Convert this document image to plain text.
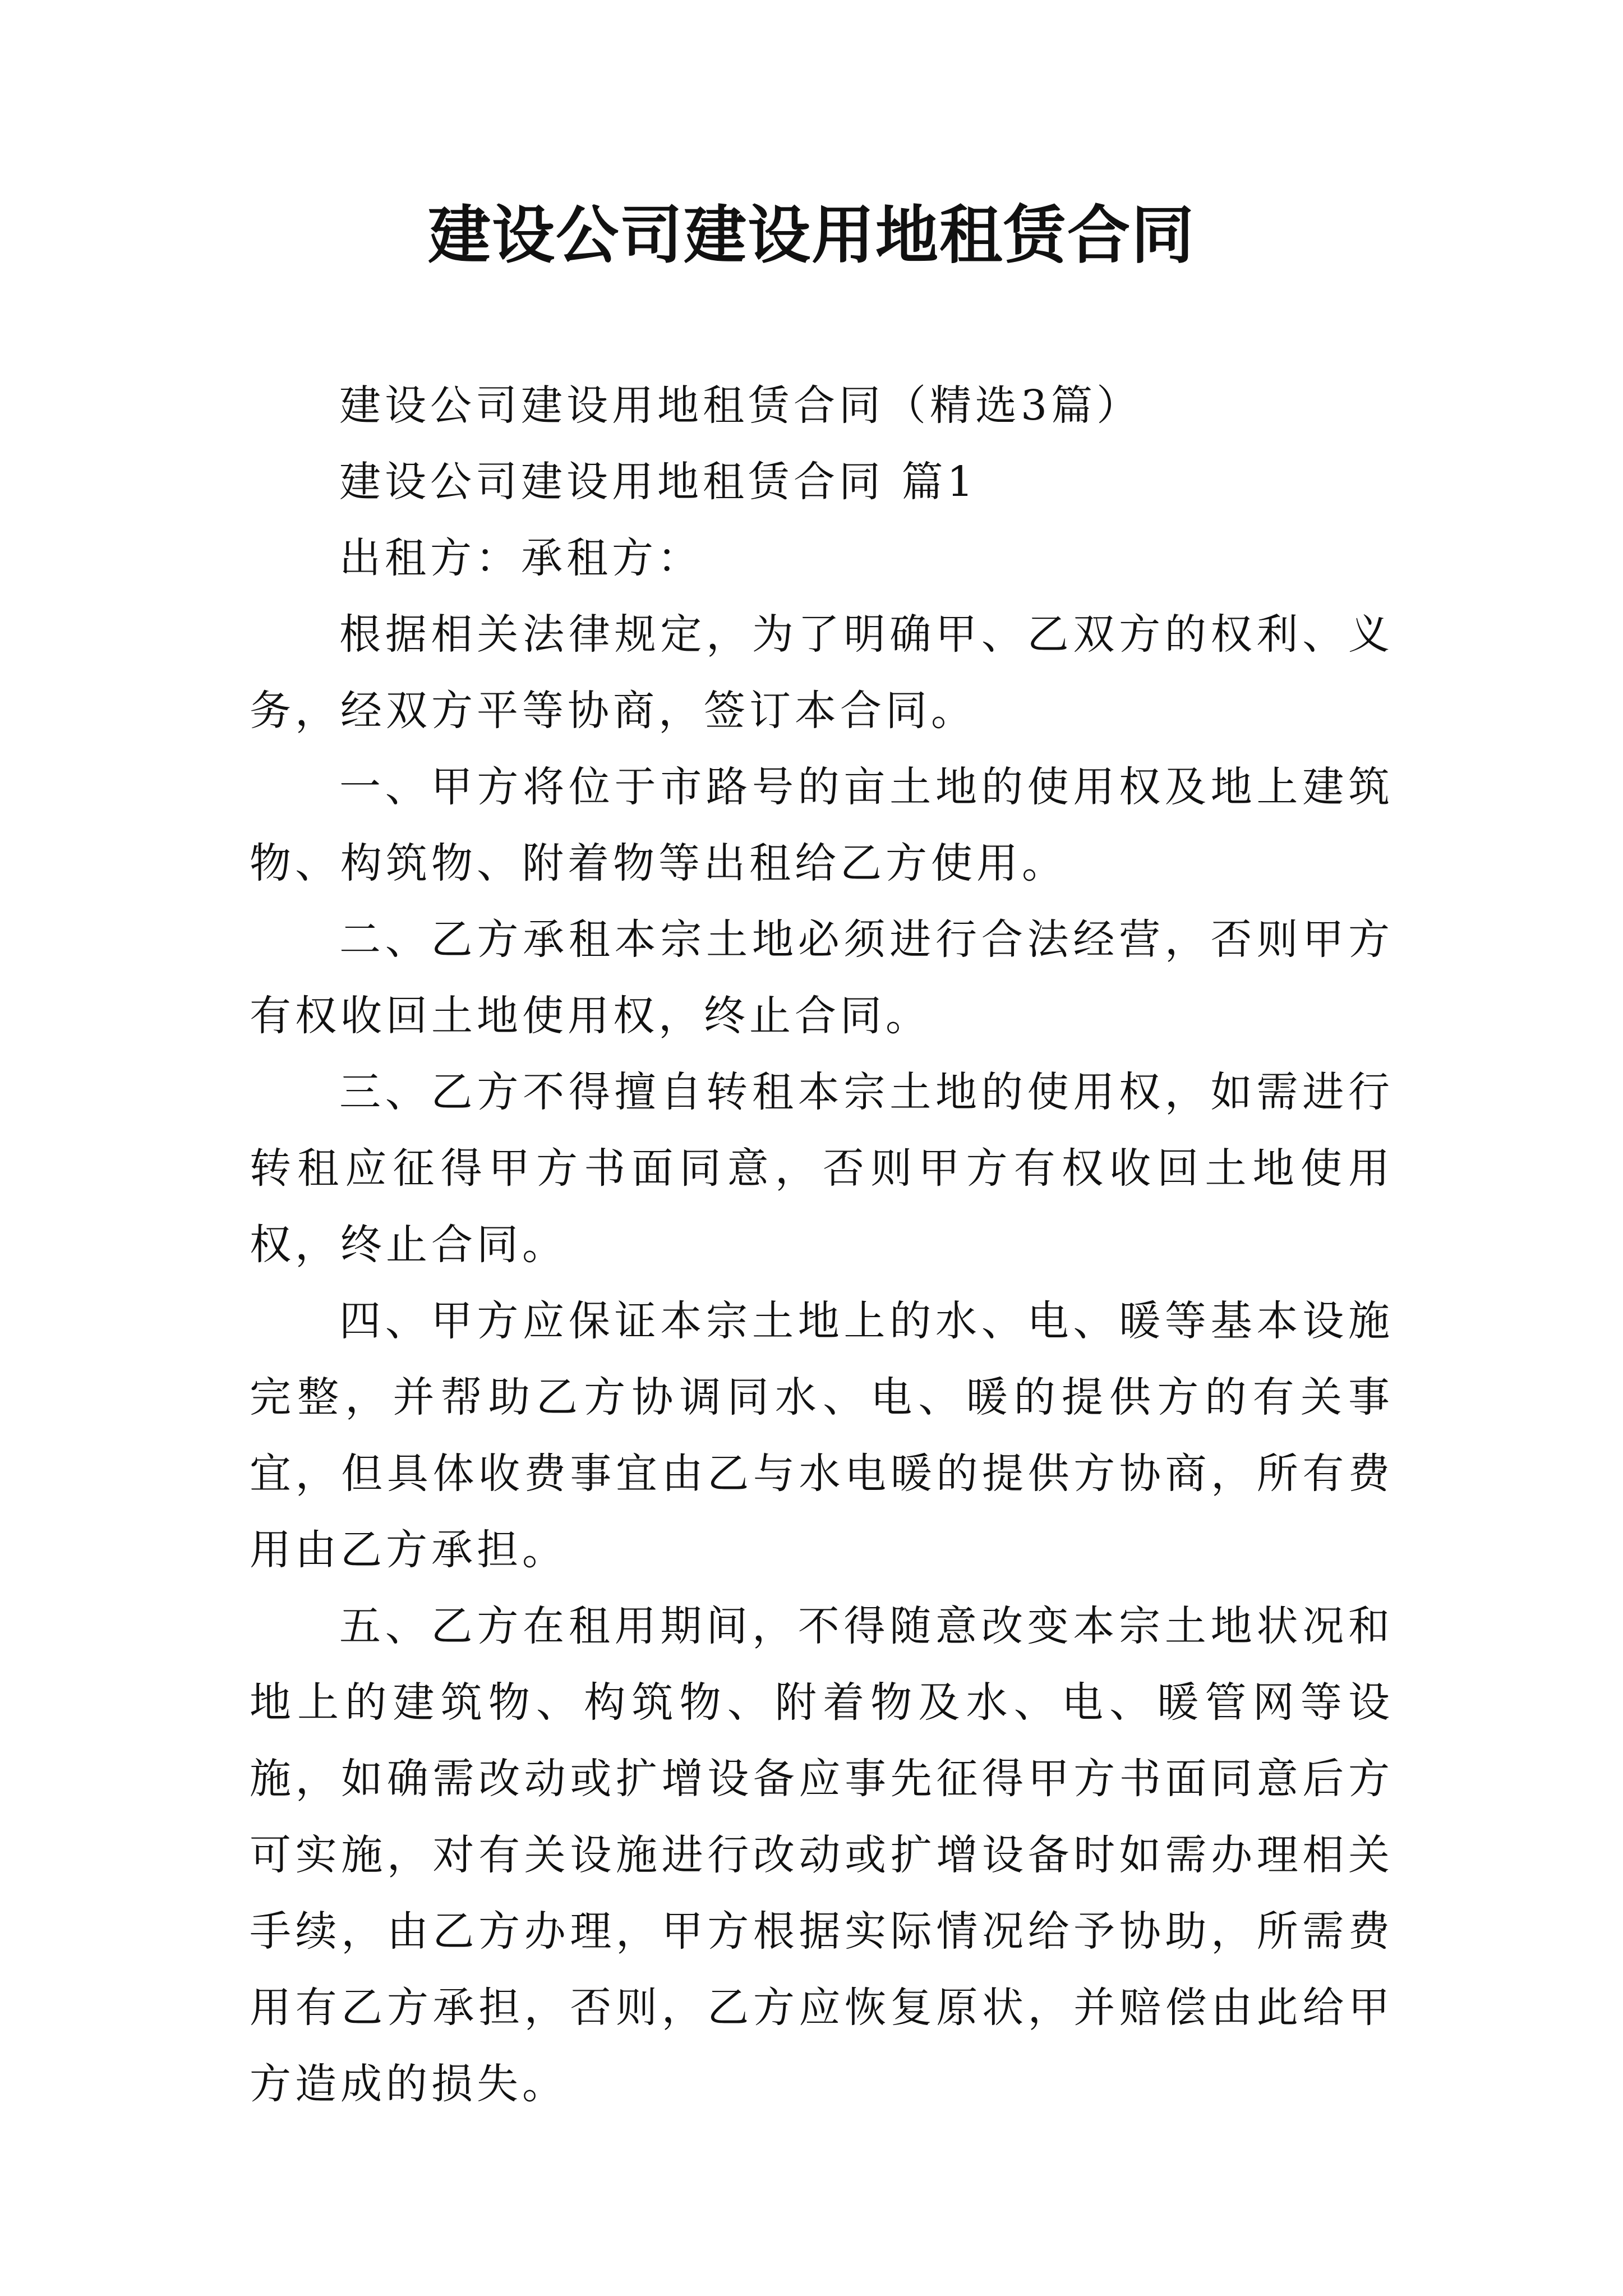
建设公司建设用地租赁合同

建设公司建设用地租赁合同（精选3篇）

建设公司建设用地租赁合同 篇1

出租方：承租方：

根据相关法律规定，为了明确甲、乙双方的权利、义务，经双方平等协商，签订本合同。

一、甲方将位于市路号的亩土地的使用权及地上建筑物、构筑物、附着物等出租给乙方使用。

二、乙方承租本宗土地必须进行合法经营，否则甲方有权收回土地使用权，终止合同。

三、乙方不得擅自转租本宗土地的使用权，如需进行转租应征得甲方书面同意，否则甲方有权收回土地使用权，终止合同。

四、甲方应保证本宗土地上的水、电、暖等基本设施完整，并帮助乙方协调同水、电、暖的提供方的有关事宜，但具体收费事宜由乙与水电暖的提供方协商，所有费用由乙方承担。

五、乙方在租用期间，不得随意改变本宗土地状况和地上的建筑物、构筑物、附着物及水、电、暖管网等设施，如确需改动或扩增设备应事先征得甲方书面同意后方可实施，对有关设施进行改动或扩增设备时如需办理相关手续，由乙方办理，甲方根据实际情况给予协助，所需费用有乙方承担，否则，乙方应恢复原状，并赔偿由此给甲方造成的损失。
